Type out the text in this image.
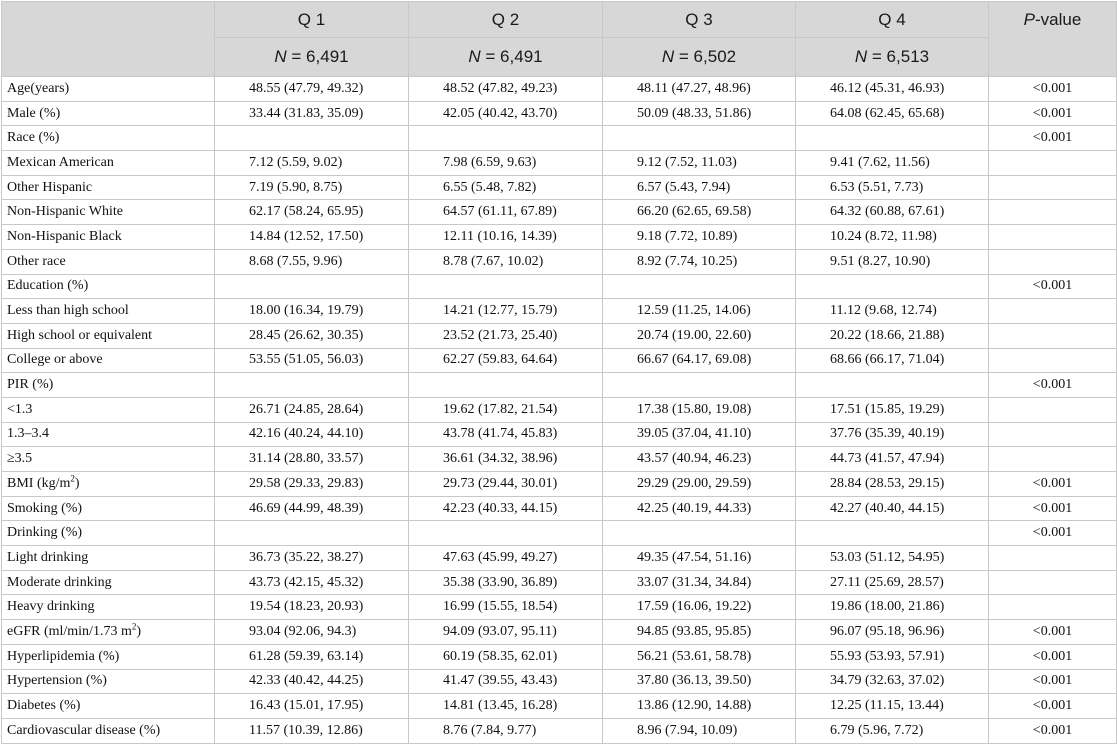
	Q 1	Q 2	Q 3	Q 4	P-value
	N = 6,491	N = 6,491	N = 6,502	N = 6,513	
Age(years)	48.55 (47.79, 49.32)	48.52 (47.82, 49.23)	48.11 (47.27, 48.96)	46.12 (45.31, 46.93)	<0.001
Male (%)	33.44 (31.83, 35.09)	42.05 (40.42, 43.70)	50.09 (48.33, 51.86)	64.08 (62.45, 65.68)	<0.001
Race (%)					<0.001
Mexican American	7.12 (5.59, 9.02)	7.98 (6.59, 9.63)	9.12 (7.52, 11.03)	9.41 (7.62, 11.56)	
Other Hispanic	7.19 (5.90, 8.75)	6.55 (5.48, 7.82)	6.57 (5.43, 7.94)	6.53 (5.51, 7.73)	
Non-Hispanic White	62.17 (58.24, 65.95)	64.57 (61.11, 67.89)	66.20 (62.65, 69.58)	64.32 (60.88, 67.61)	
Non-Hispanic Black	14.84 (12.52, 17.50)	12.11 (10.16, 14.39)	9.18 (7.72, 10.89)	10.24 (8.72, 11.98)	
Other race	8.68 (7.55, 9.96)	8.78 (7.67, 10.02)	8.92 (7.74, 10.25)	9.51 (8.27, 10.90)	
Education (%)					<0.001
Less than high school	18.00 (16.34, 19.79)	14.21 (12.77, 15.79)	12.59 (11.25, 14.06)	11.12 (9.68, 12.74)	
High school or equivalent	28.45 (26.62, 30.35)	23.52 (21.73, 25.40)	20.74 (19.00, 22.60)	20.22 (18.66, 21.88)	
College or above	53.55 (51.05, 56.03)	62.27 (59.83, 64.64)	66.67 (64.17, 69.08)	68.66 (66.17, 71.04)	
PIR (%)					<0.001
<1.3	26.71 (24.85, 28.64)	19.62 (17.82, 21.54)	17.38 (15.80, 19.08)	17.51 (15.85, 19.29)	
1.3–3.4	42.16 (40.24, 44.10)	43.78 (41.74, 45.83)	39.05 (37.04, 41.10)	37.76 (35.39, 40.19)	
≥3.5	31.14 (28.80, 33.57)	36.61 (34.32, 38.96)	43.57 (40.94, 46.23)	44.73 (41.57, 47.94)	
BMI $(kg/m^2)$	29.58 (29.33, 29.83)	29.73 (29.44, 30.01)	29.29 (29.00, 29.59)	28.84 (28.53, 29.15)	<0.001
Smoking (%)	46.69 (44.99, 48.39)	42.23 (40.33, 44.15)	42.25 (40.19, 44.33)	42.27 (40.40, 44.15)	<0.001
Drinking (%)					<0.001
Light drinking	36.73 (35.22, 38.27)	47.63 (45.99, 49.27)	49.35 (47.54, 51.16)	53.03 (51.12, 54.95)	
Moderate drinking	43.73 (42.15, 45.32)	35.38 (33.90, 36.89)	33.07 (31.34, 34.84)	27.11 (25.69, 28.57)	
Heavy drinking	19.54 (18.23, 20.93)	16.99 (15.55, 18.54)	17.59 (16.06, 19.22)	19.86 (18.00, 21.86)	
eGFR (ml/min/1.73 $m^2$)	93.04 (92.06, 94.3)	94.09 (93.07, 95.11)	94.85 (93.85, 95.85)	96.07 (95.18, 96.96)	<0.001
Hyperlipidemia (%)	61.28 (59.39, 63.14)	60.19 (58.35, 62.01)	56.21 (53.61, 58.78)	55.93 (53.93, 57.91)	<0.001
Hypertension (%)	42.33 (40.42, 44.25)	41.47 (39.55, 43.43)	37.80 (36.13, 39.50)	34.79 (32.63, 37.02)	<0.001
Diabetes (%)	16.43 (15.01, 17.95)	14.81 (13.45, 16.28)	13.86 (12.90, 14.88)	12.25 (11.15, 13.44)	<0.001
Cardiovascular disease (%)	11.57 (10.39, 12.86)	8.76 (7.84, 9.77)	8.96 (7.94, 10.09)	6.79 (5.96, 7.72)	<0.001
